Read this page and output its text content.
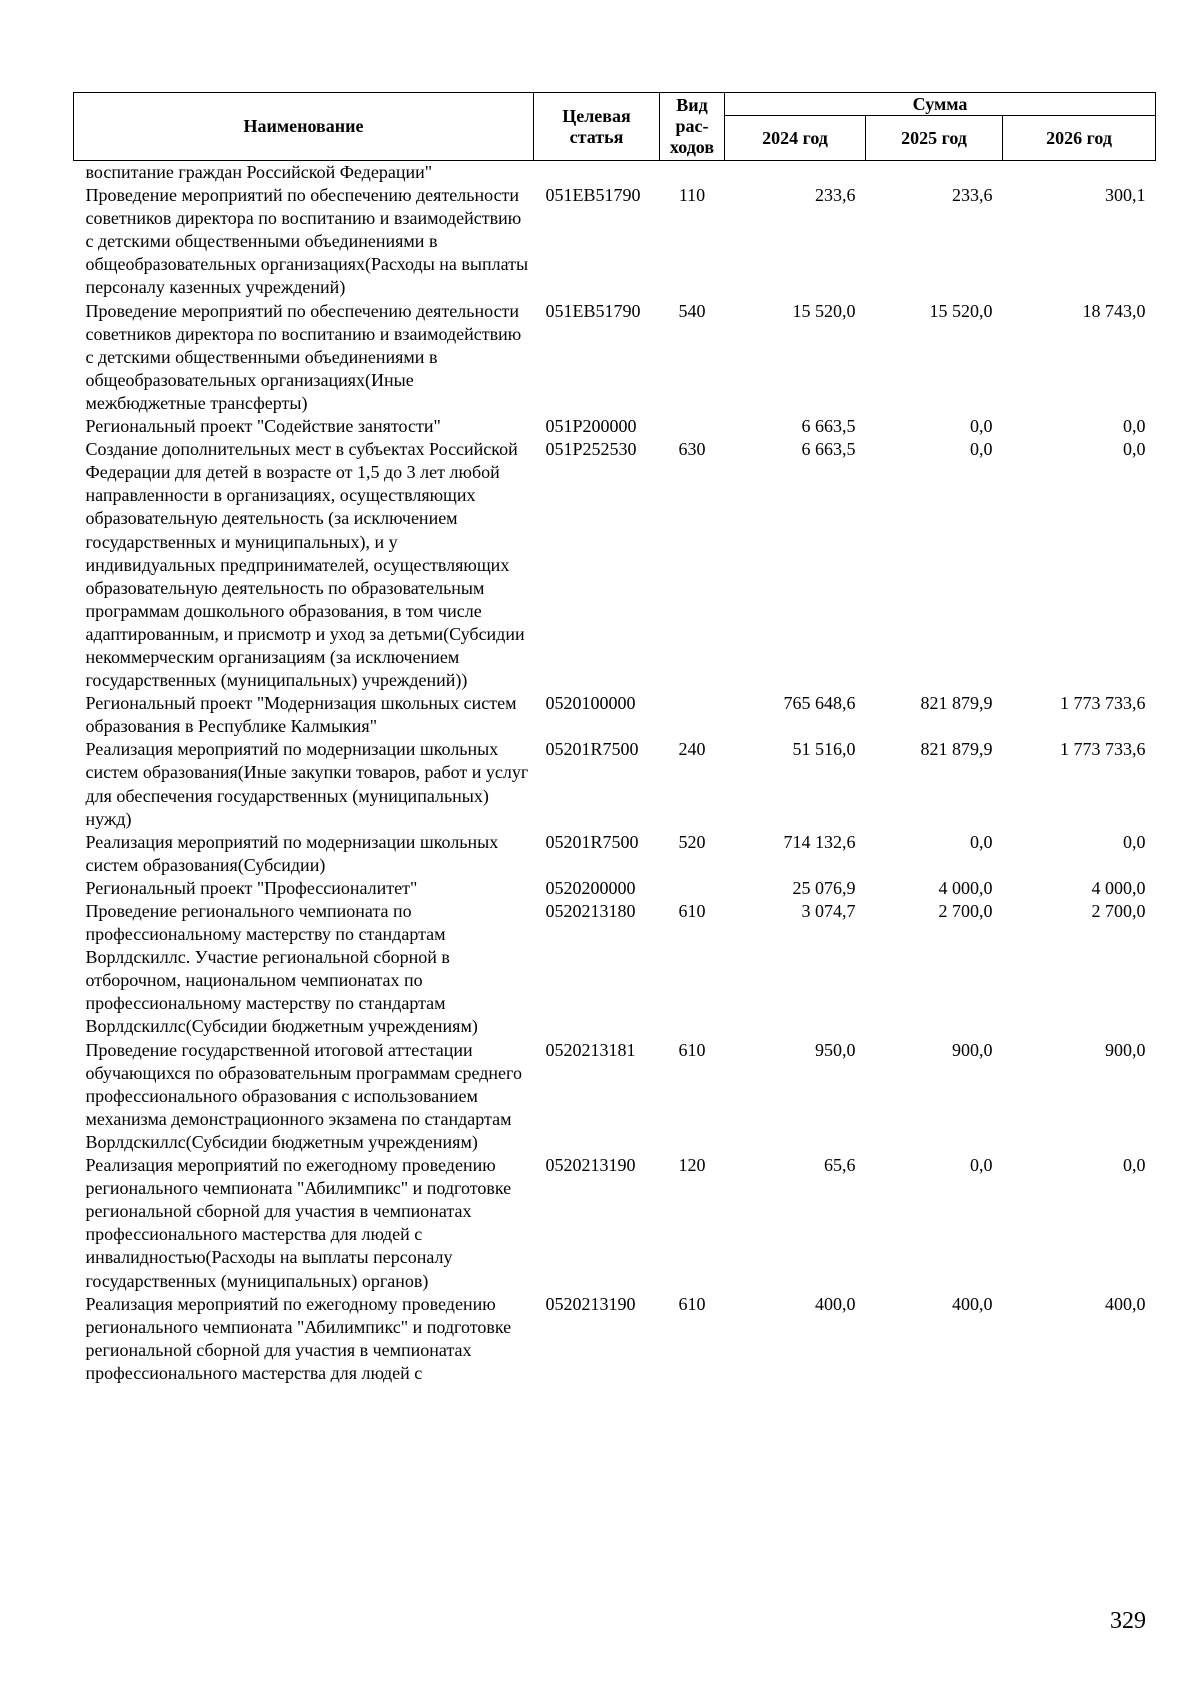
Наименование	Целевая статья	Вид рас-ходов	Сумма		
			2024 год	2025 год	2026 год
воспитание граждан Российской Федерации"					
Проведение мероприятий по обеспечению деятельности советников директора по воспитанию и взаимодействию с детскими общественными объединениями в общеобразовательных организациях(Расходы на выплаты персоналу казенных учреждений)	051EB51790	110	233,6	233,6	300,1
Проведение мероприятий по обеспечению деятельности советников директора по воспитанию и взаимодействию с детскими общественными объединениями в общеобразовательных организациях(Иные межбюджетные трансферты)	051EB51790	540	15 520,0	15 520,0	18 743,0
Региональный проект "Содействие занятости"	051P200000		6 663,5	0,0	0,0
Создание дополнительных мест в субъектах Российской Федерации для детей в возрасте от 1,5 до 3 лет любой направленности в организациях, осуществляющих образовательную деятельность (за исключением государственных и муниципальных), и у индивидуальных предпринимателей, осуществляющих образовательную деятельность по образовательным программам дошкольного образования, в том числе адаптированным, и присмотр и уход за детьми(Субсидии некоммерческим организациям (за исключением государственных (муниципальных) учреждений))	051P252530	630	6 663,5	0,0	0,0
Региональный проект "Модернизация школьных систем образования в Республике Калмыкия"	0520100000		765 648,6	821 879,9	1 773 733,6
Реализация мероприятий по модернизации школьных систем образования(Иные закупки товаров, работ и услуг для обеспечения государственных (муниципальных) нужд)	05201R7500	240	51 516,0	821 879,9	1 773 733,6
Реализация мероприятий по модернизации школьных систем образования(Субсидии)	05201R7500	520	714 132,6	0,0	0,0
Региональный проект "Профессионалитет"	0520200000		25 076,9	4 000,0	4 000,0
Проведение регионального чемпионата по профессиональному мастерству по стандартам Ворлдскиллс. Участие региональной сборной в отборочном, национальном чемпионатах по профессиональному мастерству по стандартам Ворлдскиллс(Субсидии бюджетным учреждениям)	0520213180	610	3 074,7	2 700,0	2 700,0
Проведение государственной итоговой аттестации обучающихся по образовательным программам среднего профессионального образования с использованием механизма демонстрационного экзамена по стандартам Ворлдскиллс(Субсидии бюджетным учреждениям)	0520213181	610	950,0	900,0	900,0
Реализация мероприятий по ежегодному проведению регионального чемпионата "Абилимпикс" и подготовке региональной сборной для участия в чемпионатах профессионального мастерства для людей с инвалидностью(Расходы на выплаты персоналу государственных (муниципальных) органов)	0520213190	120	65,6	0,0	0,0
Реализация мероприятий по ежегодному проведению регионального чемпионата "Абилимпикс" и подготовке региональной сборной для участия в чемпионатах профессионального мастерства для людей с	0520213190	610	400,0	400,0	400,0
329
